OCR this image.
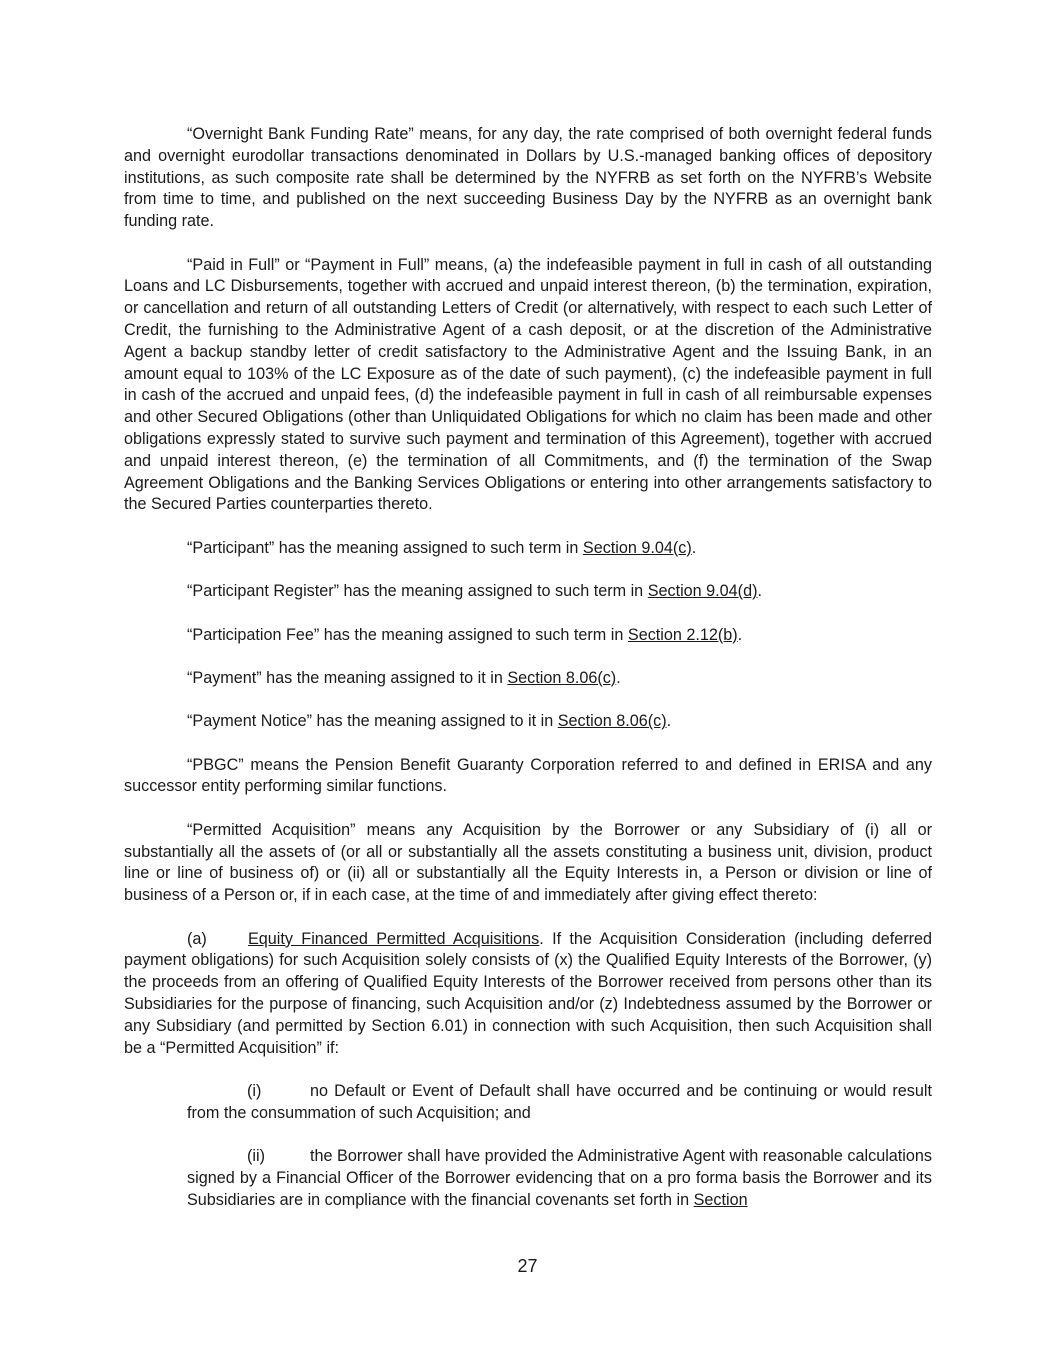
“Overnight Bank Funding Rate” means, for any day, the rate comprised of both overnight federal funds and overnight eurodollar transactions denominated in Dollars by U.S.-managed banking offices of depository institutions, as such composite rate shall be determined by the NYFRB as set forth on the NYFRB’s Website from time to time, and published on the next succeeding Business Day by the NYFRB as an overnight bank funding rate.

“Paid in Full” or “Payment in Full” means, (a) the indefeasible payment in full in cash of all outstanding Loans and LC Disbursements, together with accrued and unpaid interest thereon, (b) the termination, expiration, or cancellation and return of all outstanding Letters of Credit (or alternatively, with respect to each such Letter of Credit, the furnishing to the Administrative Agent of a cash deposit, or at the discretion of the Administrative Agent a backup standby letter of credit satisfactory to the Administrative Agent and the Issuing Bank, in an amount equal to 103% of the LC Exposure as of the date of such payment), (c) the indefeasible payment in full in cash of the accrued and unpaid fees, (d) the indefeasible payment in full in cash of all reimbursable expenses and other Secured Obligations (other than Unliquidated Obligations for which no claim has been made and other obligations expressly stated to survive such payment and termination of this Agreement), together with accrued and unpaid interest thereon, (e) the termination of all Commitments, and (f) the termination of the Swap Agreement Obligations and the Banking Services Obligations or entering into other arrangements satisfactory to the Secured Parties counterparties thereto.

“Participant” has the meaning assigned to such term in Section 9.04(c).

“Participant Register” has the meaning assigned to such term in Section 9.04(d).

“Participation Fee” has the meaning assigned to such term in Section 2.12(b).

“Payment” has the meaning assigned to it in Section 8.06(c).

“Payment Notice” has the meaning assigned to it in Section 8.06(c).

“PBGC” means the Pension Benefit Guaranty Corporation referred to and defined in ERISA and any successor entity performing similar functions.

“Permitted Acquisition” means any Acquisition by the Borrower or any Subsidiary of (i) all or substantially all the assets of (or all or substantially all the assets constituting a business unit, division, product line or line of business of) or (ii) all or substantially all the Equity Interests in, a Person or division or line of business of a Person or, if in each case, at the time of and immediately after giving effect thereto:

(a)	Equity Financed Permitted Acquisitions. If the Acquisition Consideration (including deferred payment obligations) for such Acquisition solely consists of (x) the Qualified Equity Interests of the Borrower, (y) the proceeds from an offering of Qualified Equity Interests of the Borrower received from persons other than its Subsidiaries for the purpose of financing, such Acquisition and/or (z) Indebtedness assumed by the Borrower or any Subsidiary (and permitted by Section 6.01) in connection with such Acquisition, then such Acquisition shall be a “Permitted Acquisition” if:

(i)	no Default or Event of Default shall have occurred and be continuing or would result from the consummation of such Acquisition; and

(ii)	the Borrower shall have provided the Administrative Agent with reasonable calculations signed by a Financial Officer of the Borrower evidencing that on a pro forma basis the Borrower and its Subsidiaries are in compliance with the financial covenants set forth in Section

27
